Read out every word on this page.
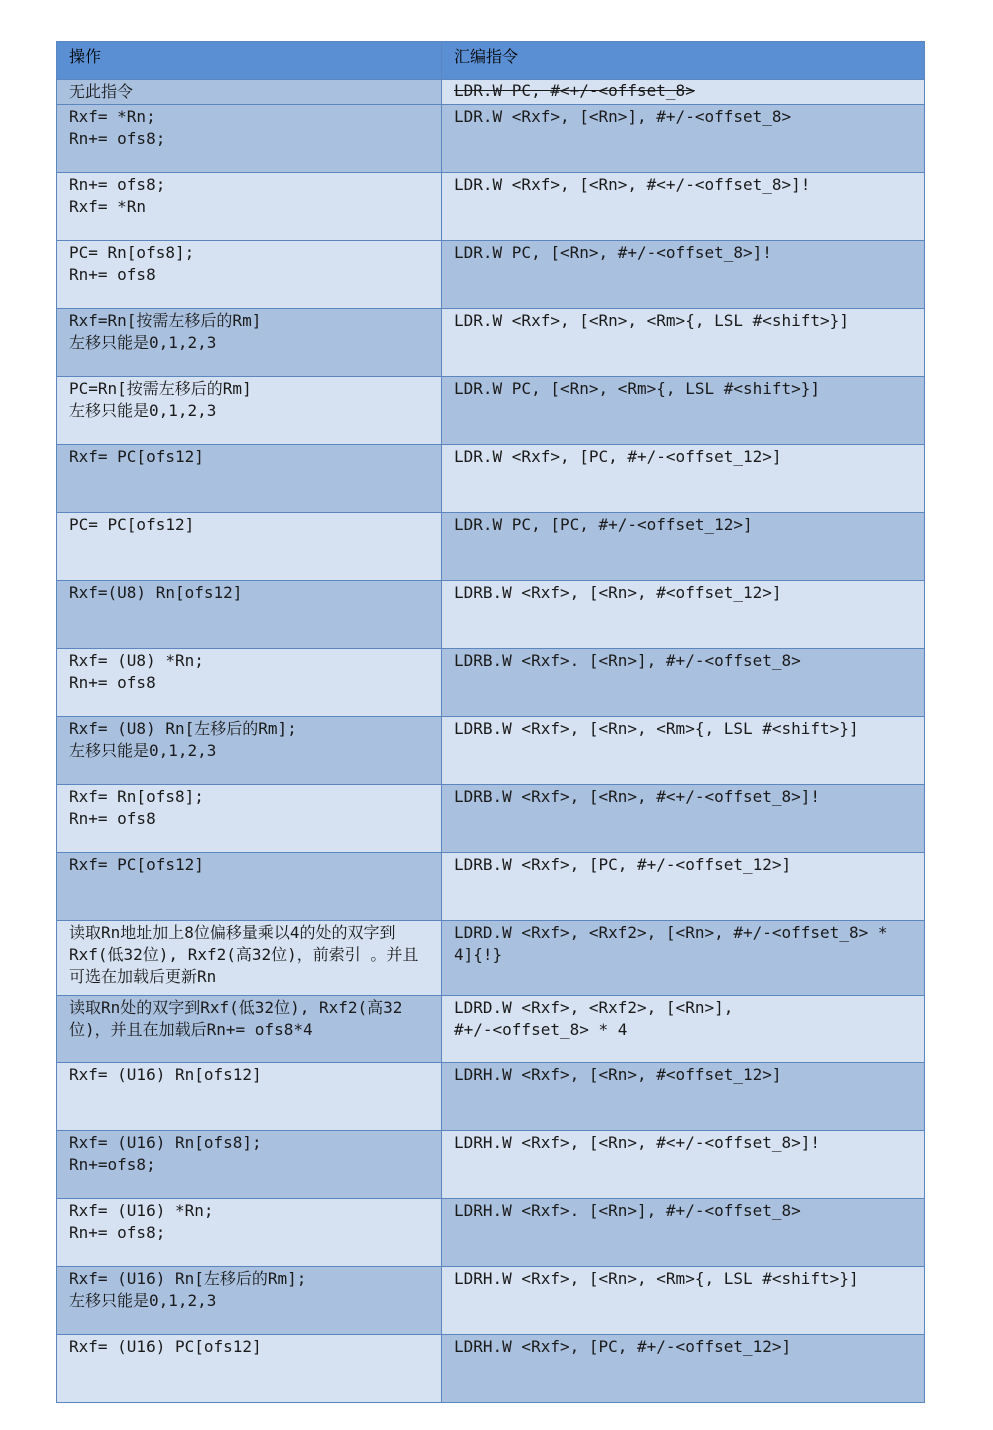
操作	汇编指令
无此指令	LDR.W PC, #<+/-<offset_8>
Rxf= *Rn;
Rn+= ofs8;	LDR.W <Rxf>, [<Rn>], #+/-<offset_8>
Rn+= ofs8;
Rxf= *Rn	LDR.W <Rxf>, [<Rn>, #<+/-<offset_8>]!
PC= Rn[ofs8];
Rn+= ofs8	LDR.W PC, [<Rn>, #+/-<offset_8>]!
Rxf=Rn[按需左移后的Rm]
左移只能是0,1,2,3	LDR.W <Rxf>, [<Rn>, <Rm>{, LSL #<shift>}]
PC=Rn[按需左移后的Rm]
左移只能是0,1,2,3	LDR.W PC, [<Rn>, <Rm>{, LSL #<shift>}]
Rxf= PC[ofs12]	LDR.W <Rxf>, [PC, #+/-<offset_12>]
PC= PC[ofs12]	LDR.W PC, [PC, #+/-<offset_12>]
Rxf=(U8) Rn[ofs12]	LDRB.W <Rxf>, [<Rn>, #<offset_12>]
Rxf= (U8) *Rn;
Rn+= ofs8	LDRB.W <Rxf>. [<Rn>], #+/-<offset_8>
Rxf= (U8) Rn[左移后的Rm];
左移只能是0,1,2,3	LDRB.W <Rxf>, [<Rn>, <Rm>{, LSL #<shift>}]
Rxf= Rn[ofs8];
Rn+= ofs8	LDRB.W <Rxf>, [<Rn>, #<+/-<offset_8>]!
Rxf= PC[ofs12]	LDRB.W <Rxf>, [PC, #+/-<offset_12>]
读取Rn地址加上8位偏移量乘以4的处的双字到Rxf(低32位), Rxf2(高32位)，前索引 。并且可选在加载后更新Rn	LDRD.W <Rxf>, <Rxf2>, [<Rn>, #+/-<offset_8> * 4]{!}
读取Rn处的双字到Rxf(低32位), Rxf2(高32位)，并且在加载后Rn+= ofs8*4	LDRD.W <Rxf>, <Rxf2>, [<Rn>],
#+/-<offset_8> * 4
Rxf= (U16) Rn[ofs12]	LDRH.W <Rxf>, [<Rn>, #<offset_12>]
Rxf= (U16) Rn[ofs8];
Rn+=ofs8;	LDRH.W <Rxf>, [<Rn>, #<+/-<offset_8>]!
Rxf= (U16) *Rn;
Rn+= ofs8;	LDRH.W <Rxf>. [<Rn>], #+/-<offset_8>
Rxf= (U16) Rn[左移后的Rm];
左移只能是0,1,2,3	LDRH.W <Rxf>, [<Rn>, <Rm>{, LSL #<shift>}]
Rxf= (U16) PC[ofs12]	LDRH.W <Rxf>, [PC, #+/-<offset_12>]
